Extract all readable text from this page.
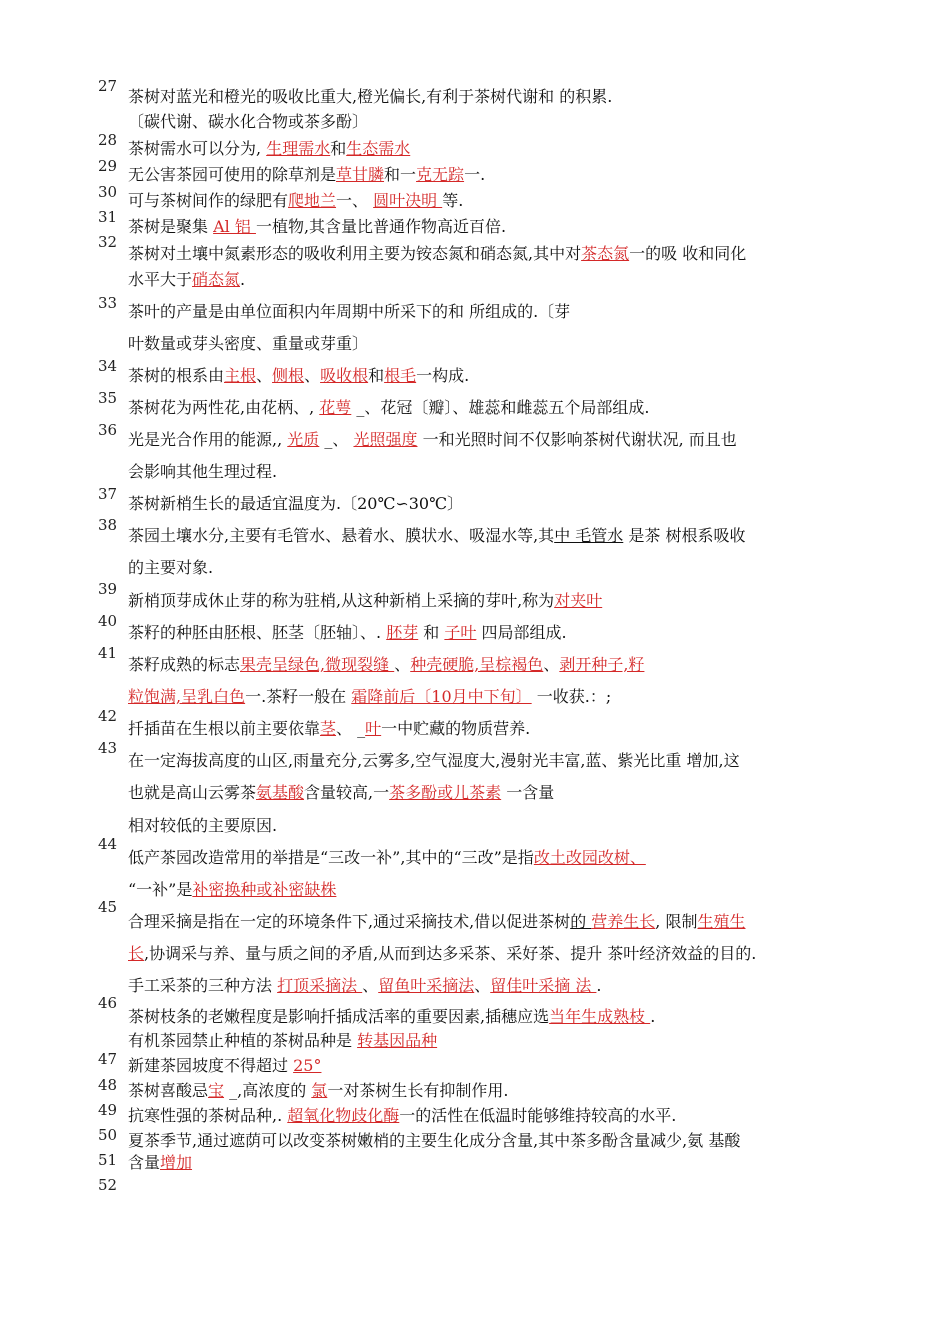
27
28
29
30
31
32
33
34
35
36
37
38
39
40
41
42
43
44
45
46
47
48
49
50
51
52
茶树对蓝光和橙光的吸收比重大,橙光偏长,有利于茶树代谢和 的积累.
〔碳代谢、碳水化合物或茶多酚〕
茶树需水可以分为, 生理需水和生态需水
无公害茶园可使用的除草剂是草甘膦和一克无踪一.
可与茶树间作的绿肥有爬地兰一、 圆叶决明 等.
茶树是聚集 Al 铝 一植物,其含量比普通作物高近百倍.
茶树对土壤中氮素形态的吸收利用主要为铵态氮和硝态氮,其中对茶态氮一的吸 收和同化
水平大于硝态氮.
茶叶的产量是由单位面积内年周期中所采下的和 所组成的.〔芽
叶数量或芽头密度、重量或芽重〕
茶树的根系由主根、侧根、吸收根和根毛一构成.
茶树花为两性花,由花柄、, 花萼 _、花冠〔瓣〕、雄蕊和雌蕊五个局部组成.
光是光合作用的能源,, 光质 _、 光照强度 一和光照时间不仅影响茶树代谢状况, 而且也
会影响其他生理过程.
茶树新梢生长的最适宜温度为.〔20℃∽30℃〕
茶园土壤水分,主要有毛管水、悬着水、膜状水、吸湿水等,其中 毛管水 是茶 树根系吸收
的主要对象.
新梢顶芽成休止芽的称为驻梢,从这种新梢上采摘的芽叶,称为对夹叶
茶籽的种胚由胚根、胚茎〔胚轴〕、. 胚芽 和 子叶 四局部组成.
茶籽成熟的标志果壳呈绿色,微现裂缝 、种壳硬脆,呈棕褐色、剥开种子,籽
粒饱满,呈乳白色一.茶籽一般在 霜降前后〔10月中下旬〕 一收获.：;
扦插苗在生根以前主要依靠茎、 _叶一中贮藏的物质营养.
在一定海拔高度的山区,雨量充分,云雾多,空气湿度大,漫射光丰富,蓝、紫光比重 增加,这
也就是高山云雾茶氨基酸含量较高,一茶多酚或儿茶素 一含量
相对较低的主要原因.
低产茶园改造常用的举措是“三改一补”,其中的“三改”是指改土改园改树、
“一补”是补密换种或补密缺株
合理采摘是指在一定的环境条件下,通过采摘技术,借以促进茶树的 营养生长, 限制生殖生
长,协调采与养、量与质之间的矛盾,从而到达多采茶、采好茶、提升 茶叶经济效益的目的.
手工采茶的三种方法 打顶采摘法 、留鱼叶采摘法、留佳叶采摘 法 .
茶树枝条的老嫩程度是影响扦插成活率的重要因素,插穗应选当年生成熟枝 .
有机茶园禁止种植的茶树品种是 转基因品种
新建茶园坡度不得超过 25°
茶树喜酸忌宝 _,高浓度的 氯一对茶树生长有抑制作用.
抗寒性强的茶树品种,. 超氧化物歧化酶一的活性在低温时能够维持较高的水平.
夏茶季节,通过遮荫可以改变茶树嫩梢的主要生化成分含量,其中茶多酚含量减少,氨 基酸
含量增加
